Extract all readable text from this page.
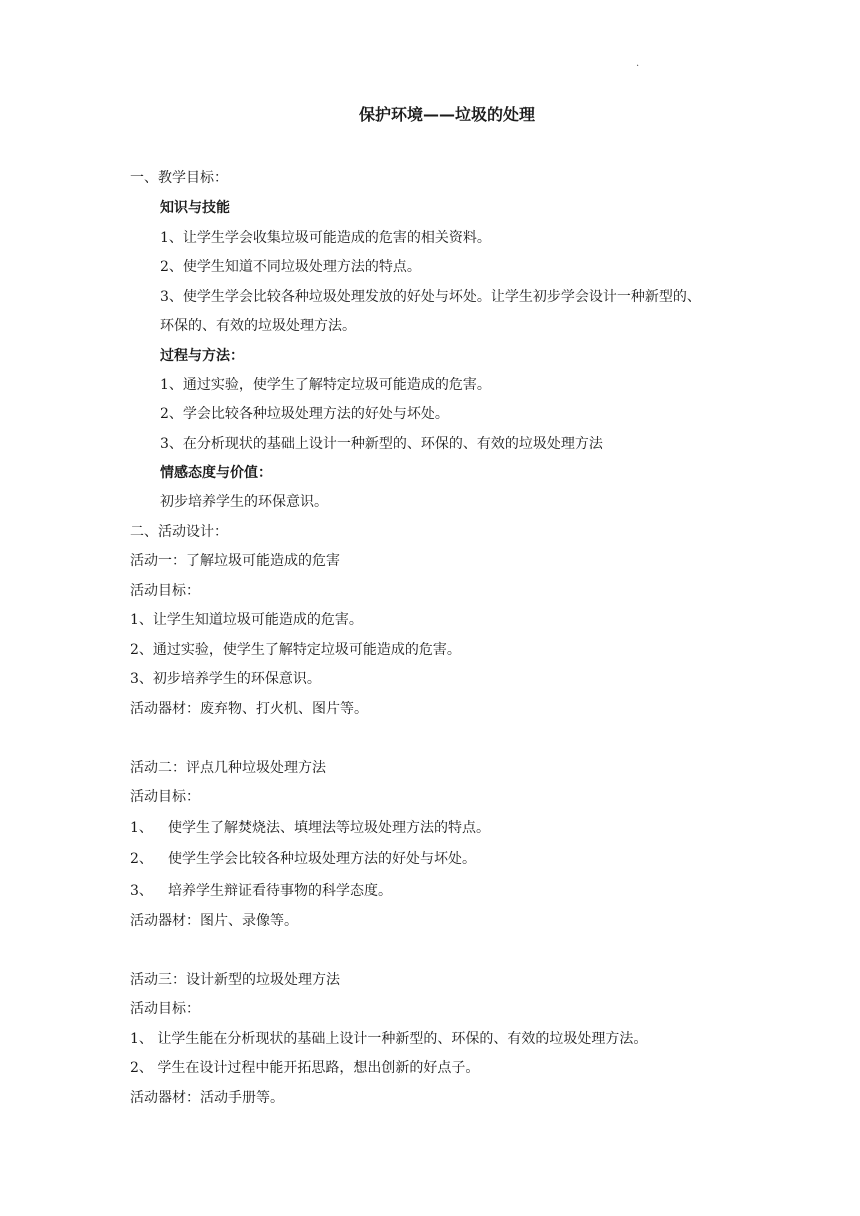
.
保护环境——垃圾的处理
一、教学目标：
知识与技能
1、让学生学会收集垃圾可能造成的危害的相关资料。
2、使学生知道不同垃圾处理方法的特点。
3、使学生学会比较各种垃圾处理发放的好处与坏处。让学生初步学会设计一种新型的、
环保的、有效的垃圾处理方法。
过程与方法：
1、通过实验，使学生了解特定垃圾可能造成的危害。
2、学会比较各种垃圾处理方法的好处与坏处。
3、在分析现状的基础上设计一种新型的、环保的、有效的垃圾处理方法
情感态度与价值：
初步培养学生的环保意识。
二、活动设计：
活动一：了解垃圾可能造成的危害
活动目标：
1、让学生知道垃圾可能造成的危害。
2、通过实验，使学生了解特定垃圾可能造成的危害。
3、初步培养学生的环保意识。
活动器材：废弃物、打火机、图片等。
活动二：评点几种垃圾处理方法
活动目标：
1、 使学生了解焚烧法、填埋法等垃圾处理方法的特点。
2、 使学生学会比较各种垃圾处理方法的好处与坏处。
3、 培养学生辩证看待事物的科学态度。
活动器材：图片、录像等。
活动三：设计新型的垃圾处理方法
活动目标：
1、 让学生能在分析现状的基础上设计一种新型的、环保的、有效的垃圾处理方法。
2、 学生在设计过程中能开拓思路，想出创新的好点子。
活动器材：活动手册等。
